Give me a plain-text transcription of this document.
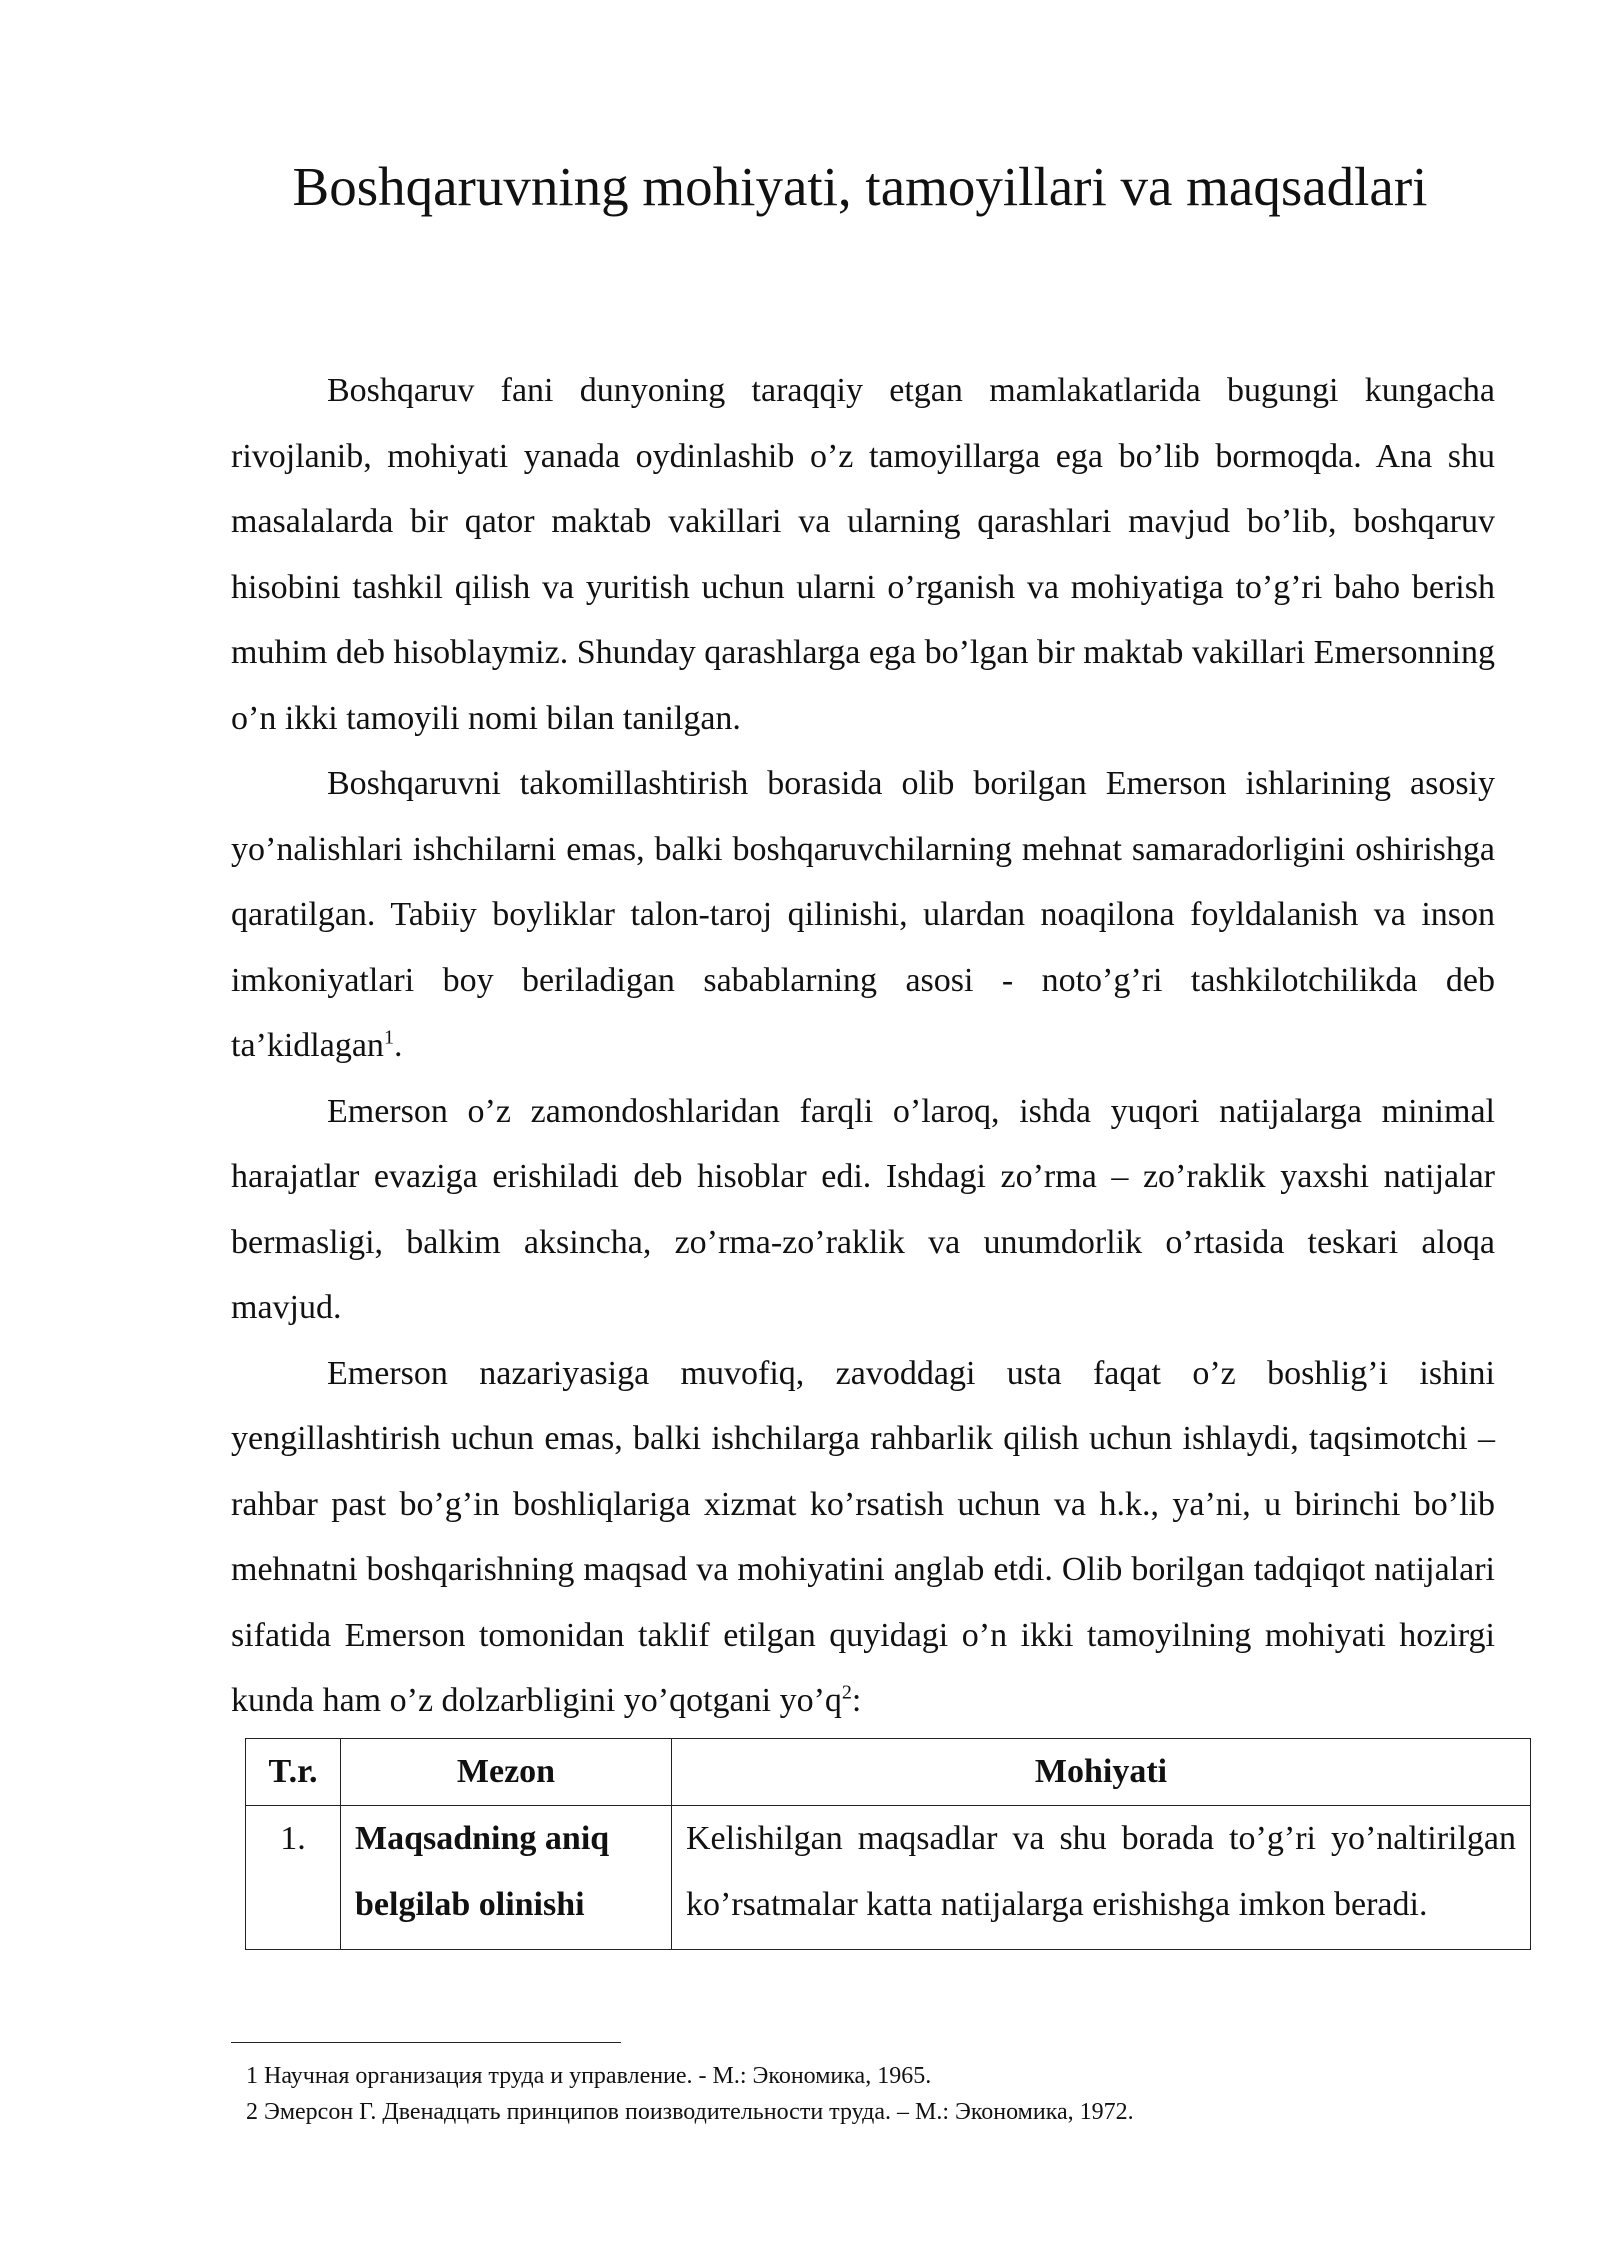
Boshqaruvning mohiyati, tamoyillari va maqsadlari

Boshqaruv fani dunyoning taraqqiy etgan mamlakatlarida bugungi kungacha rivojlanib, mohiyati yanada oydinlashib o’z tamoyillarga ega bo’lib bormoqda. Ana shu masalalarda bir qator maktab vakillari va ularning qarashlari mavjud bo’lib, boshqaruv hisobini tashkil qilish va yuritish uchun ularni o’rganish va mohiyatiga to’g’ri baho berish muhim deb hisoblaymiz. Shunday qarashlarga ega bo’lgan bir maktab vakillari Emersonning o’n ikki tamoyili nomi bilan tanilgan.

Boshqaruvni takomillashtirish borasida olib borilgan Emerson ishlarining asosiy yo’nalishlari ishchilarni emas, balki boshqaruvchilarning mehnat samaradorligini oshirishga qaratilgan. Tabiiy boyliklar talon-taroj qilinishi, ulardan noaqilona foyldalanish va inson imkoniyatlari boy beriladigan sabablarning asosi - noto’g’ri tashkilotchilikda deb ta’kidlagan$^1$.

Emerson o’z zamondoshlaridan farqli o’laroq, ishda yuqori natijalarga minimal harajatlar evaziga erishiladi deb hisoblar edi. Ishdagi zo’rma – zo’raklik yaxshi natijalar bermasligi, balkim aksincha, zo’rma-zo’raklik va unumdorlik o’rtasida teskari aloqa mavjud.

Emerson nazariyasiga muvofiq, zavoddagi usta faqat o’z boshlig’i ishini yengillashtirish uchun emas, balki ishchilarga rahbarlik qilish uchun ishlaydi, taqsimotchi – rahbar past bo’g’in boshliqlariga xizmat ko’rsatish uchun va h.k., ya’ni, u birinchi bo’lib mehnatni boshqarishning maqsad va mohiyatini anglab etdi. Olib borilgan tadqiqot natijalari sifatida Emerson tomonidan taklif etilgan quyidagi o’n ikki tamoyilning mohiyati hozirgi kunda ham o’z dolzarbligini yo’qotgani $yo’q^2$:

T.r.	Mezon	Mohiyati
1.	Maqsadning aniq belgilab olinishi	Kelishilgan maqsadlar va shu borada to’g’ri yo’naltirilgan ko’rsatmalar katta natijalarga erishishga imkon beradi.
1 Научная организация труда и управление. - М.: Экономика, 1965.
2 Эмерсон Г. Двенадцать принципов поизводительности труда. – М.: Экономика, 1972.
